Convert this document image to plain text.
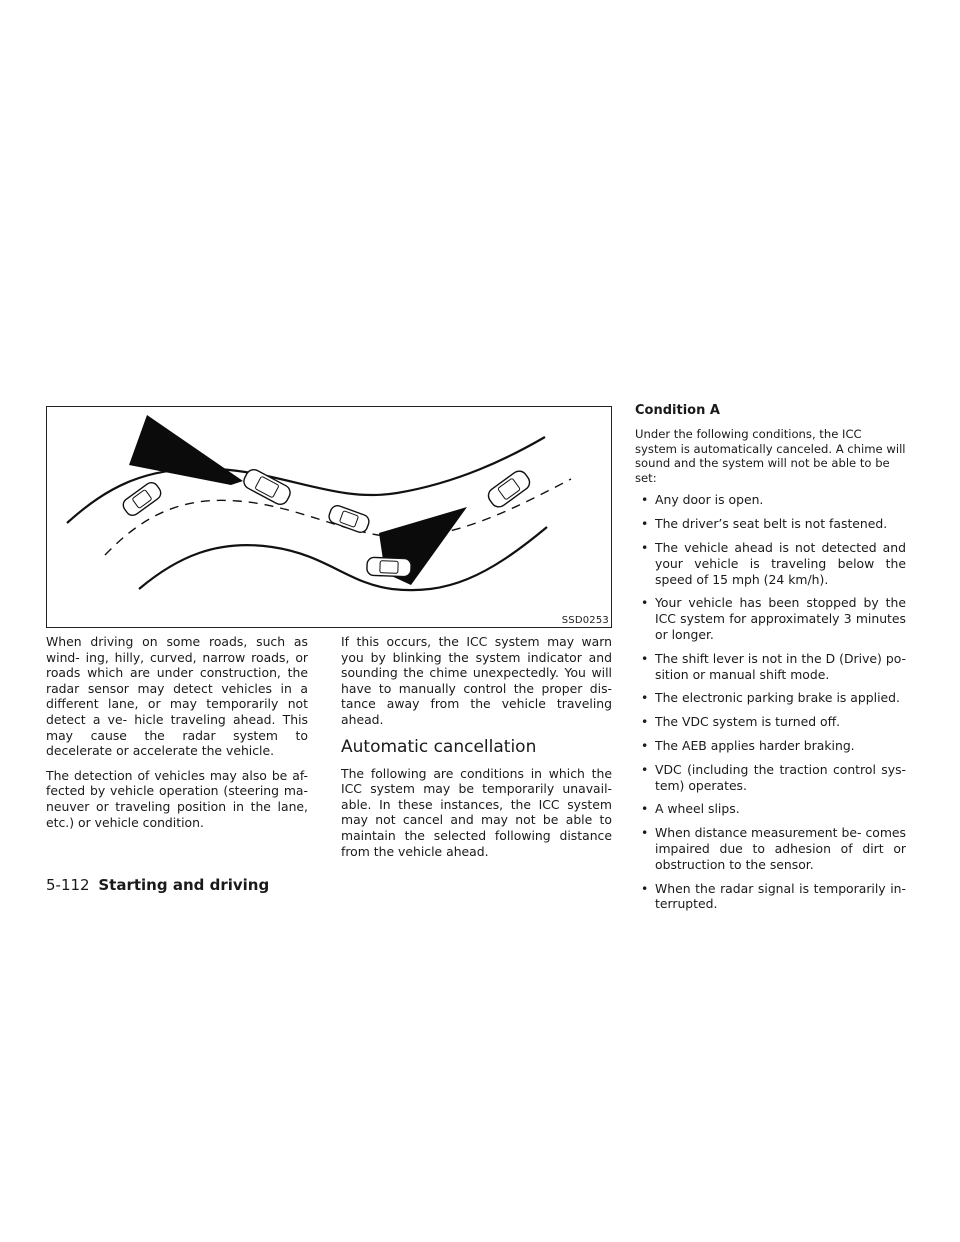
SSD0253

When driving on some roads, such as wind- ing, hilly, curved, narrow roads, or roads which are under construction, the radar sensor may detect vehicles in a different lane, or may temporarily not detect a ve- hicle traveling ahead. This may cause the radar system to decelerate or accelerate the vehicle.

The detection of vehicles may also be af- fected by vehicle operation (steering ma- neuver or traveling position in the lane, etc.) or vehicle condition.

If this occurs, the ICC system may warn you by blinking the system indicator and sounding the chime unexpectedly. You will have to manually control the proper dis- tance away from the vehicle traveling ahead.

Automatic cancellation

The following are conditions in which the ICC system may be temporarily unavail- able. In these instances, the ICC system may not cancel and may not be able to maintain the selected following distance from the vehicle ahead.

Condition A

Under the following conditions, the ICC system is automatically canceled. A chime will sound and the system will not be able to be set:

• Any door is open.
• The driver’s seat belt is not fastened.
• The vehicle ahead is not detected and your vehicle is traveling below the speed of 15 mph (24 km/h).
• Your vehicle has been stopped by the ICC system for approximately 3 minutes or longer.
• The shift lever is not in the D (Drive) po- sition or manual shift mode.
• The electronic parking brake is applied.
• The VDC system is turned off.
• The AEB applies harder braking.
• VDC (including the traction control sys- tem) operates.
• A wheel slips.
• When distance measurement be- comes impaired due to adhesion of dirt or obstruction to the sensor.
• When the radar signal is temporarily in- terrupted.
5-112 Starting and driving
